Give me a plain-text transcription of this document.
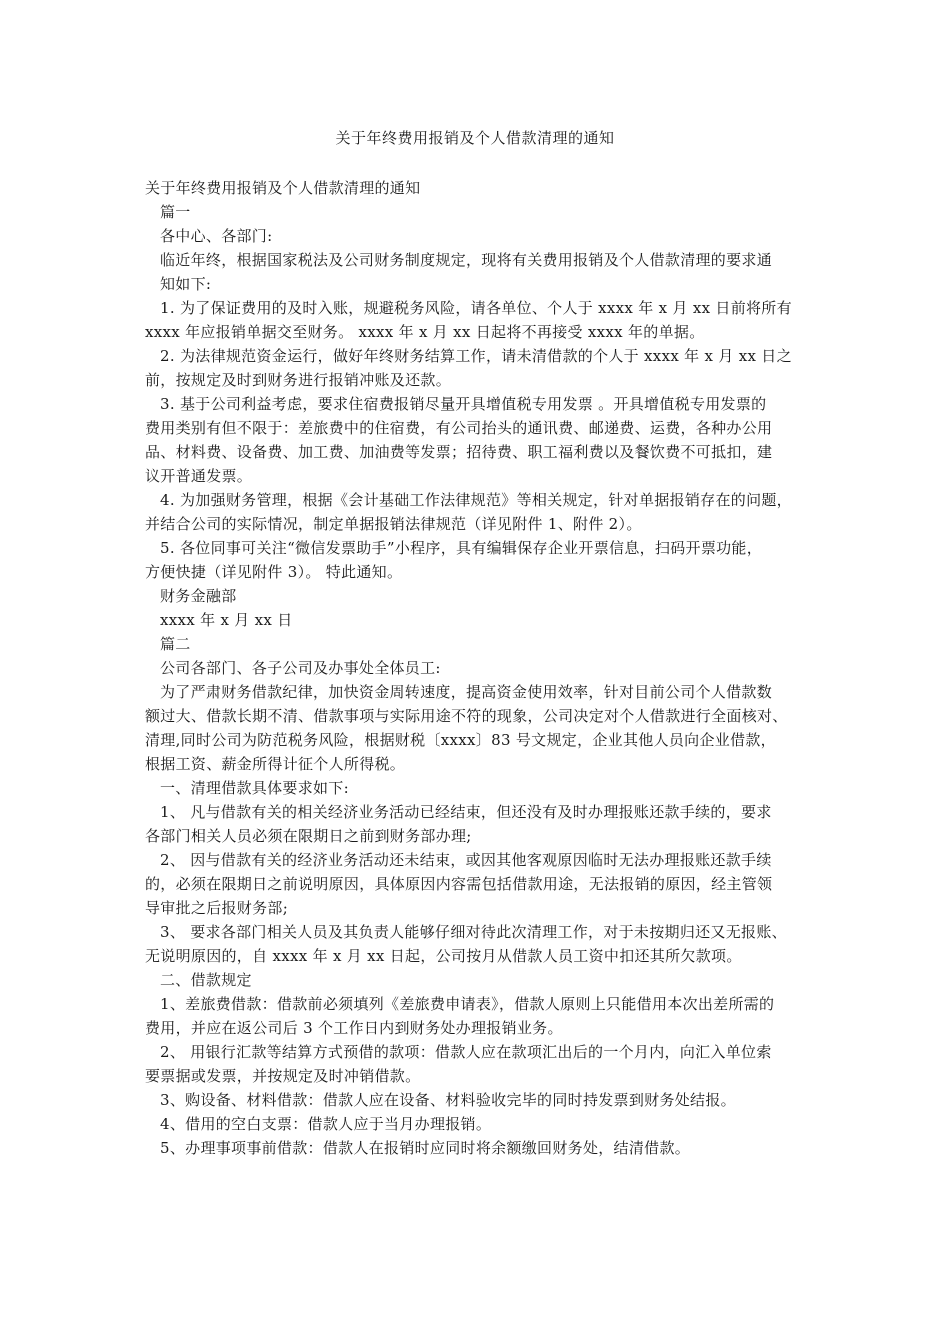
关于年终费用报销及个人借款清理的通知
关于年终费用报销及个人借款清理的通知
篇一
各中心、各部门:
临近年终，根据国家税法及公司财务制度规定，现将有关费用报销及个人借款清理的要求通
知如下:
1. 为了保证费用的及时入账，规避税务风险，请各单位、个人于 xxxx 年 x 月 xx 日前将所有
xxxx 年应报销单据交至财务。 xxxx 年 x 月 xx 日起将不再接受 xxxx 年的单据。
2. 为法律规范资金运行，做好年终财务结算工作，请未清借款的个人于 xxxx 年 x 月 xx 日之
前，按规定及时到财务进行报销冲账及还款。
3. 基于公司利益考虑，要求住宿费报销尽量开具增值税专用发票 。开具增值税专用发票的
费用类别有但不限于：差旅费中的住宿费，有公司抬头的通讯费、邮递费、运费，各种办公用
品、材料费、设备费、加工费、加油费等发票；招待费、职工福利费以及餐饮费不可抵扣，建
议开普通发票。
4. 为加强财务管理，根据《会计基础工作法律规范》等相关规定，针对单据报销存在的问题，
并结合公司的实际情况，制定单据报销法律规范（详见附件 1、附件 2）。
5. 各位同事可关注“微信发票助手”小程序，具有编辑保存企业开票信息，扫码开票功能，
方便快捷（详见附件 3）。 特此通知。
财务金融部
xxxx 年 x 月 xx 日
篇二
公司各部门、各子公司及办事处全体员工:
为了严肃财务借款纪律，加快资金周转速度，提高资金使用效率，针对目前公司个人借款数
额过大、借款长期不清、借款事项与实际用途不符的现象，公司决定对个人借款进行全面核对、
清理,同时公司为防范税务风险，根据财税〔xxxx〕83 号文规定，企业其他人员向企业借款，
根据工资、薪金所得计征个人所得税。
一、清理借款具体要求如下:
1、 凡与借款有关的相关经济业务活动已经结束，但还没有及时办理报账还款手续的，要求
各部门相关人员必须在限期日之前到财务部办理;
2、 因与借款有关的经济业务活动还未结束，或因其他客观原因临时无法办理报账还款手续
的，必须在限期日之前说明原因，具体原因内容需包括借款用途，无法报销的原因，经主管领
导审批之后报财务部;
3、 要求各部门相关人员及其负责人能够仔细对待此次清理工作，对于未按期归还又无报账、
无说明原因的，自 xxxx 年 x 月 xx 日起，公司按月从借款人员工资中扣还其所欠款项。
二、借款规定
1、差旅费借款：借款前必须填列《差旅费申请表》，借款人原则上只能借用本次出差所需的
费用，并应在返公司后 3 个工作日内到财务处办理报销业务。
2、 用银行汇款等结算方式预借的款项：借款人应在款项汇出后的一个月内，向汇入单位索
要票据或发票，并按规定及时冲销借款。
3、购设备、材料借款：借款人应在设备、材料验收完毕的同时持发票到财务处结报。
4、借用的空白支票：借款人应于当月办理报销。
5、办理事项事前借款：借款人在报销时应同时将余额缴回财务处，结清借款。
